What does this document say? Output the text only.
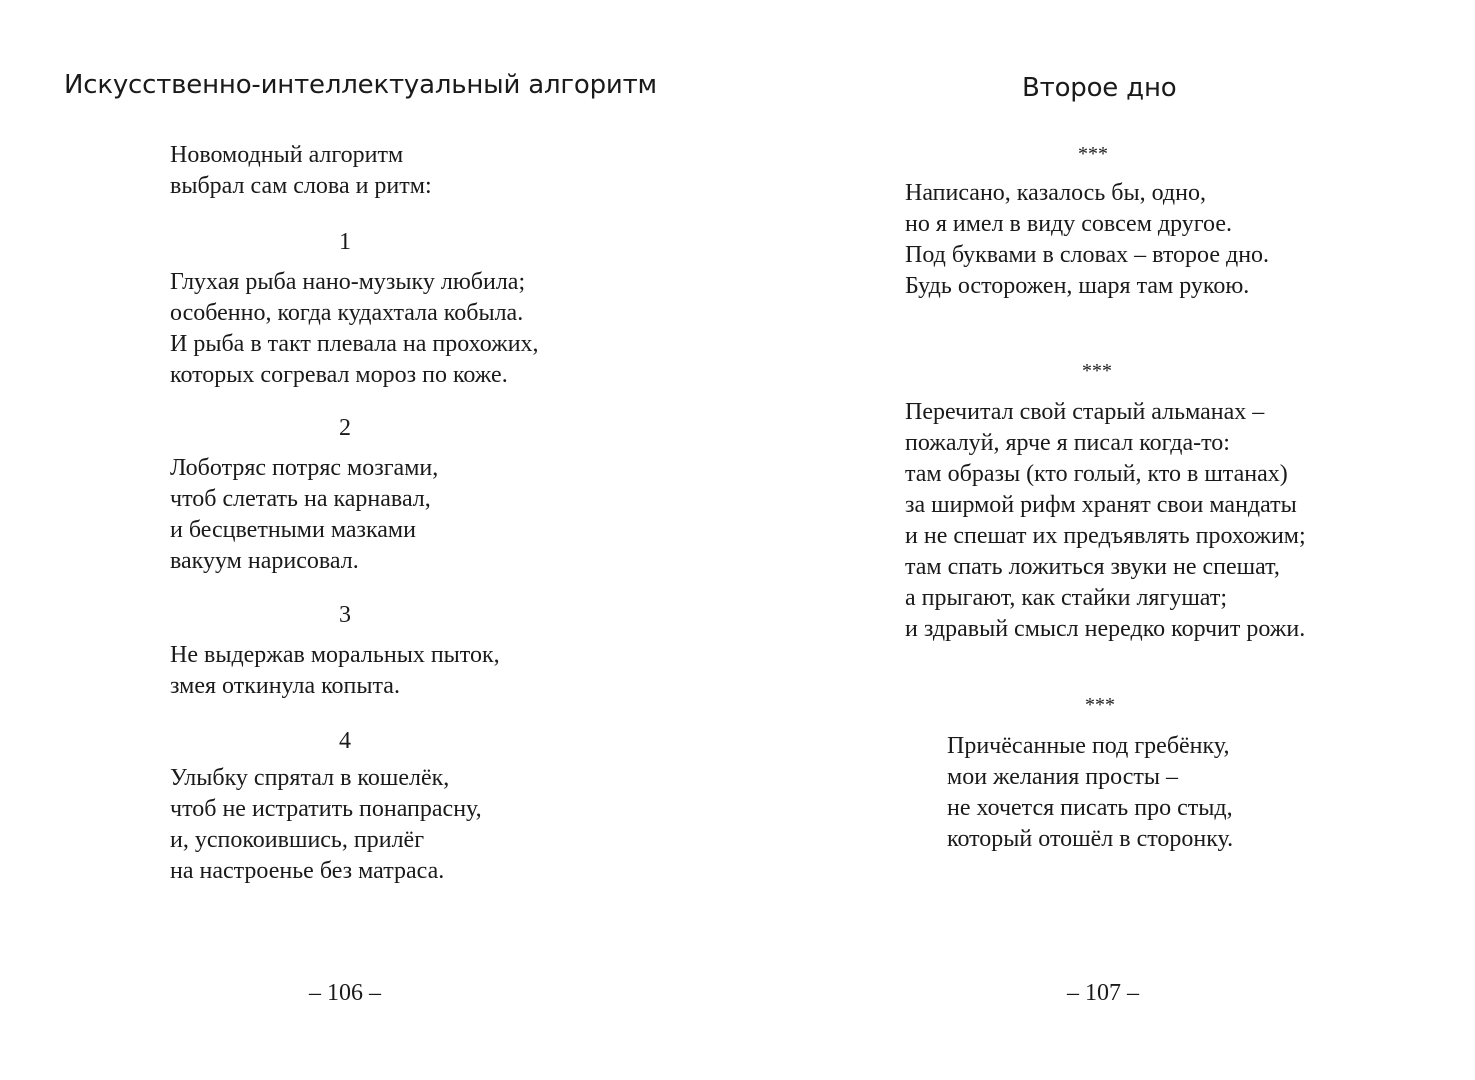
Искусственно-интеллектуальный алгоритм
Новомодный алгоритм
выбрал сам слова и ритм:
1
Глухая рыба нано-музыку любила;
особенно, когда кудахтала кобыла.
И рыба в такт плевала на прохожих,
которых согревал мороз по коже.
2
Лоботряс потряс мозгами,
чтоб слетать на карнавал,
и бесцветными мазками
вакуум нарисовал.
3
Не выдержав моральных пыток,
змея откинула копыта.
4
Улыбку спрятал в кошелёк,
чтоб не истратить понапрасну,
и, успокоившись, прилёг
на настроенье без матраса.
– 106 –
Второе дно
***
Написано, казалось бы, одно,
но я имел в виду совсем другое.
Под буквами в словах – второе дно.
Будь осторожен, шаря там рукою.
***
Перечитал свой старый альманах –
пожалуй, ярче я писал когда-то:
там образы (кто голый, кто в штанах)
за ширмой рифм хранят свои мандаты
и не спешат их предъявлять прохожим;
там спать ложиться звуки не спешат,
а прыгают, как стайки лягушат;
и здравый смысл нередко корчит рожи.
***
Причёсанные под гребёнку,
мои желания просты –
не хочется писать про стыд,
который отошёл в сторонку.
– 107 –
